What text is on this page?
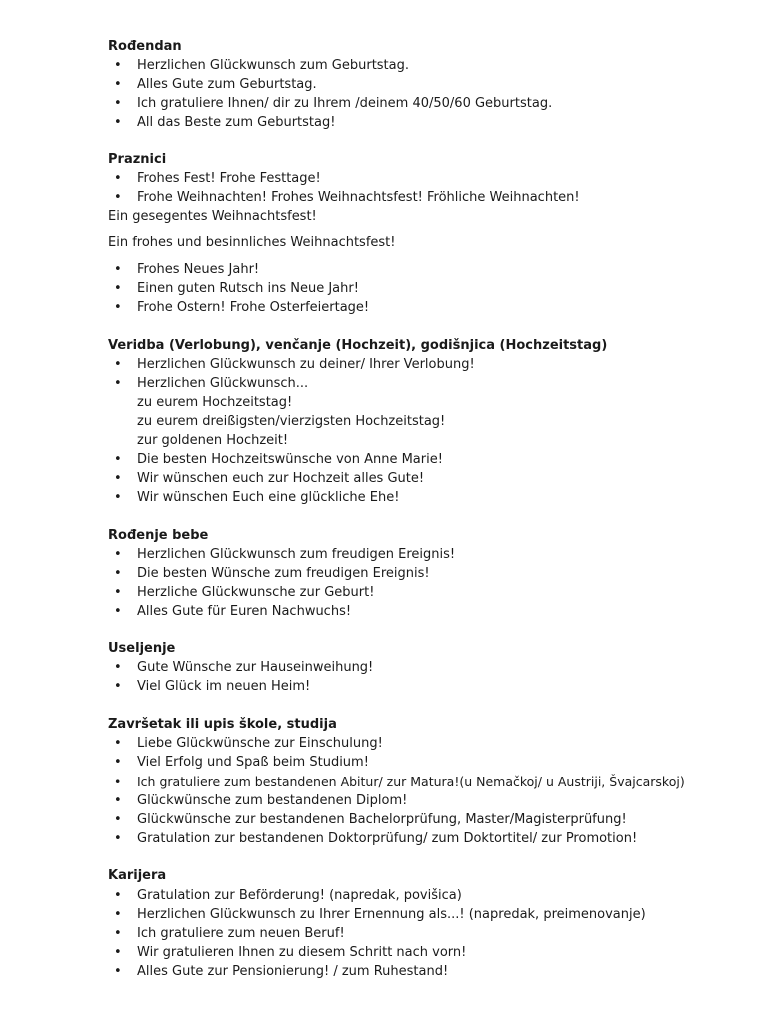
Rođendan
• Herzlichen Glückwunsch zum Geburtstag.
• Alles Gute zum Geburtstag.
• Ich gratuliere Ihnen/ dir zu Ihrem /deinem 40/50/60 Geburtstag.
• All das Beste zum Geburtstag!
Praznici
• Frohes Fest! Frohe Festtage!
• Frohe Weihnachten! Frohes Weihnachtsfest! Fröhliche Weihnachten!
Ein gesegentes Weihnachtsfest!
Ein frohes und besinnliches Weihnachtsfest!
• Frohes Neues Jahr!
• Einen guten Rutsch ins Neue Jahr!
• Frohe Ostern! Frohe Osterfeiertage!
Veridba (Verlobung), venčanje (Hochzeit), godišnjica (Hochzeitstag)
• Herzlichen Glückwunsch zu deiner/ Ihrer Verlobung!
• Herzlichen Glückwunsch...
zu eurem Hochzeitstag!
zu eurem dreißigsten/vierzigsten Hochzeitstag!
zur goldenen Hochzeit!
• Die besten Hochzeitswünsche von Anne Marie!
• Wir wünschen euch zur Hochzeit alles Gute!
• Wir wünschen Euch eine glückliche Ehe!
Rođenje bebe
• Herzlichen Glückwunsch zum freudigen Ereignis!
• Die besten Wünsche zum freudigen Ereignis!
• Herzliche Glückwunsche zur Geburt!
• Alles Gute für Euren Nachwuchs!
Useljenje
• Gute Wünsche zur Hauseinweihung!
• Viel Glück im neuen Heim!
Završetak ili upis škole, studija
• Liebe Glückwünsche zur Einschulung!
• Viel Erfolg und Spaß beim Studium!
• Ich gratuliere zum bestandenen Abitur/ zur Matura!(u Nemačkoj/ u Austriji, Švajcarskoj)
• Glückwünsche zum bestandenen Diplom!
• Glückwünsche zur bestandenen Bachelorprüfung, Master/Magisterprüfung!
• Gratulation zur bestandenen Doktorprüfung/ zum Doktortitel/ zur Promotion!
Karijera
• Gratulation zur Beförderung! (napredak, povišica)
• Herzlichen Glückwunsch zu Ihrer Ernennung als...! (napredak, preimenovanje)
• Ich gratuliere zum neuen Beruf!
• Wir gratulieren Ihnen zu diesem Schritt nach vorn!
• Alles Gute zur Pensionierung! / zum Ruhestand!
